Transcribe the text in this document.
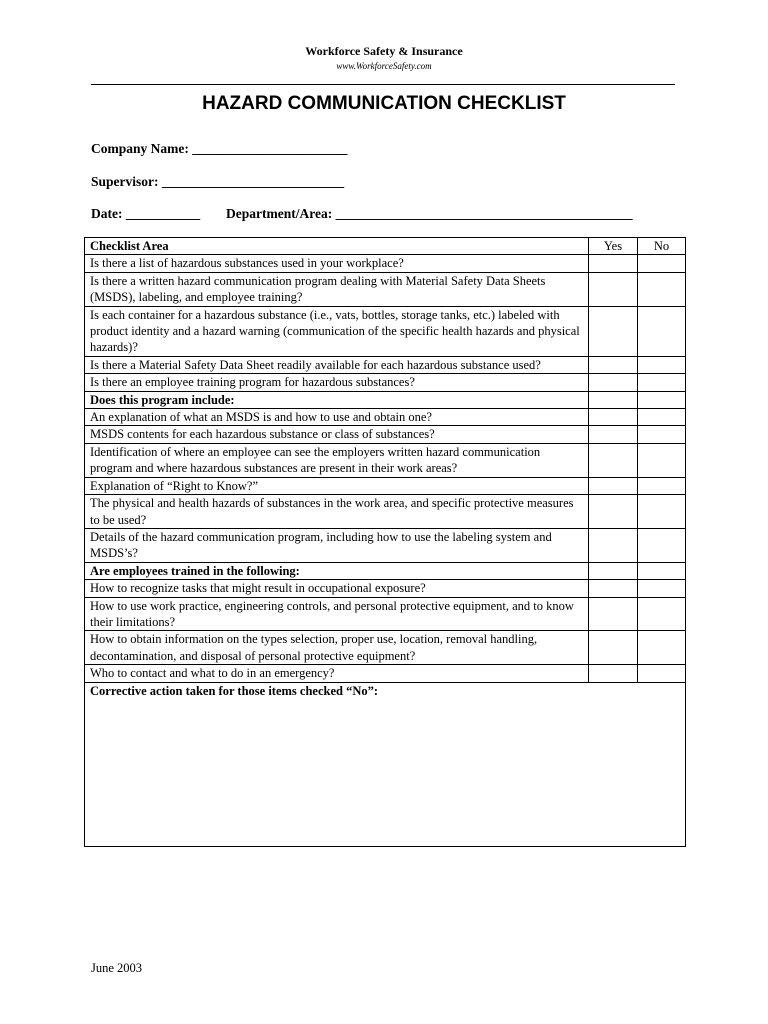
Workforce Safety & Insurance
www.WorkforceSafety.com
HAZARD COMMUNICATION CHECKLIST
Company Name: _______________________
Supervisor: ___________________________
Date: ___________ Department/Area: ____________________________________________
Checklist Area	Yes	No
Is there a list of hazardous substances used in your workplace?		
Is there a written hazard communication program dealing with Material Safety Data Sheets (MSDS), labeling, and employee training?		
Is each container for a hazardous substance (i.e., vats, bottles, storage tanks, etc.) labeled with product identity and a hazard warning (communication of the specific health hazards and physical hazards)?		
Is there a Material Safety Data Sheet readily available for each hazardous substance used?		
Is there an employee training program for hazardous substances?		
Does this program include:		
An explanation of what an MSDS is and how to use and obtain one?		
MSDS contents for each hazardous substance or class of substances?		
Identification of where an employee can see the employers written hazard communication program and where hazardous substances are present in their work areas?		
Explanation of “Right to Know?”		
The physical and health hazards of substances in the work area, and specific protective measures to be used?		
Details of the hazard communication program, including how to use the labeling system and MSDS’s?		
Are employees trained in the following:		
How to recognize tasks that might result in occupational exposure?		
How to use work practice, engineering controls, and personal protective equipment, and to know their limitations?		
How to obtain information on the types selection, proper use, location, removal handling, decontamination, and disposal of personal protective equipment?		
Who to contact and what to do in an emergency?		
Corrective action taken for those items checked “No”:		
June 2003
